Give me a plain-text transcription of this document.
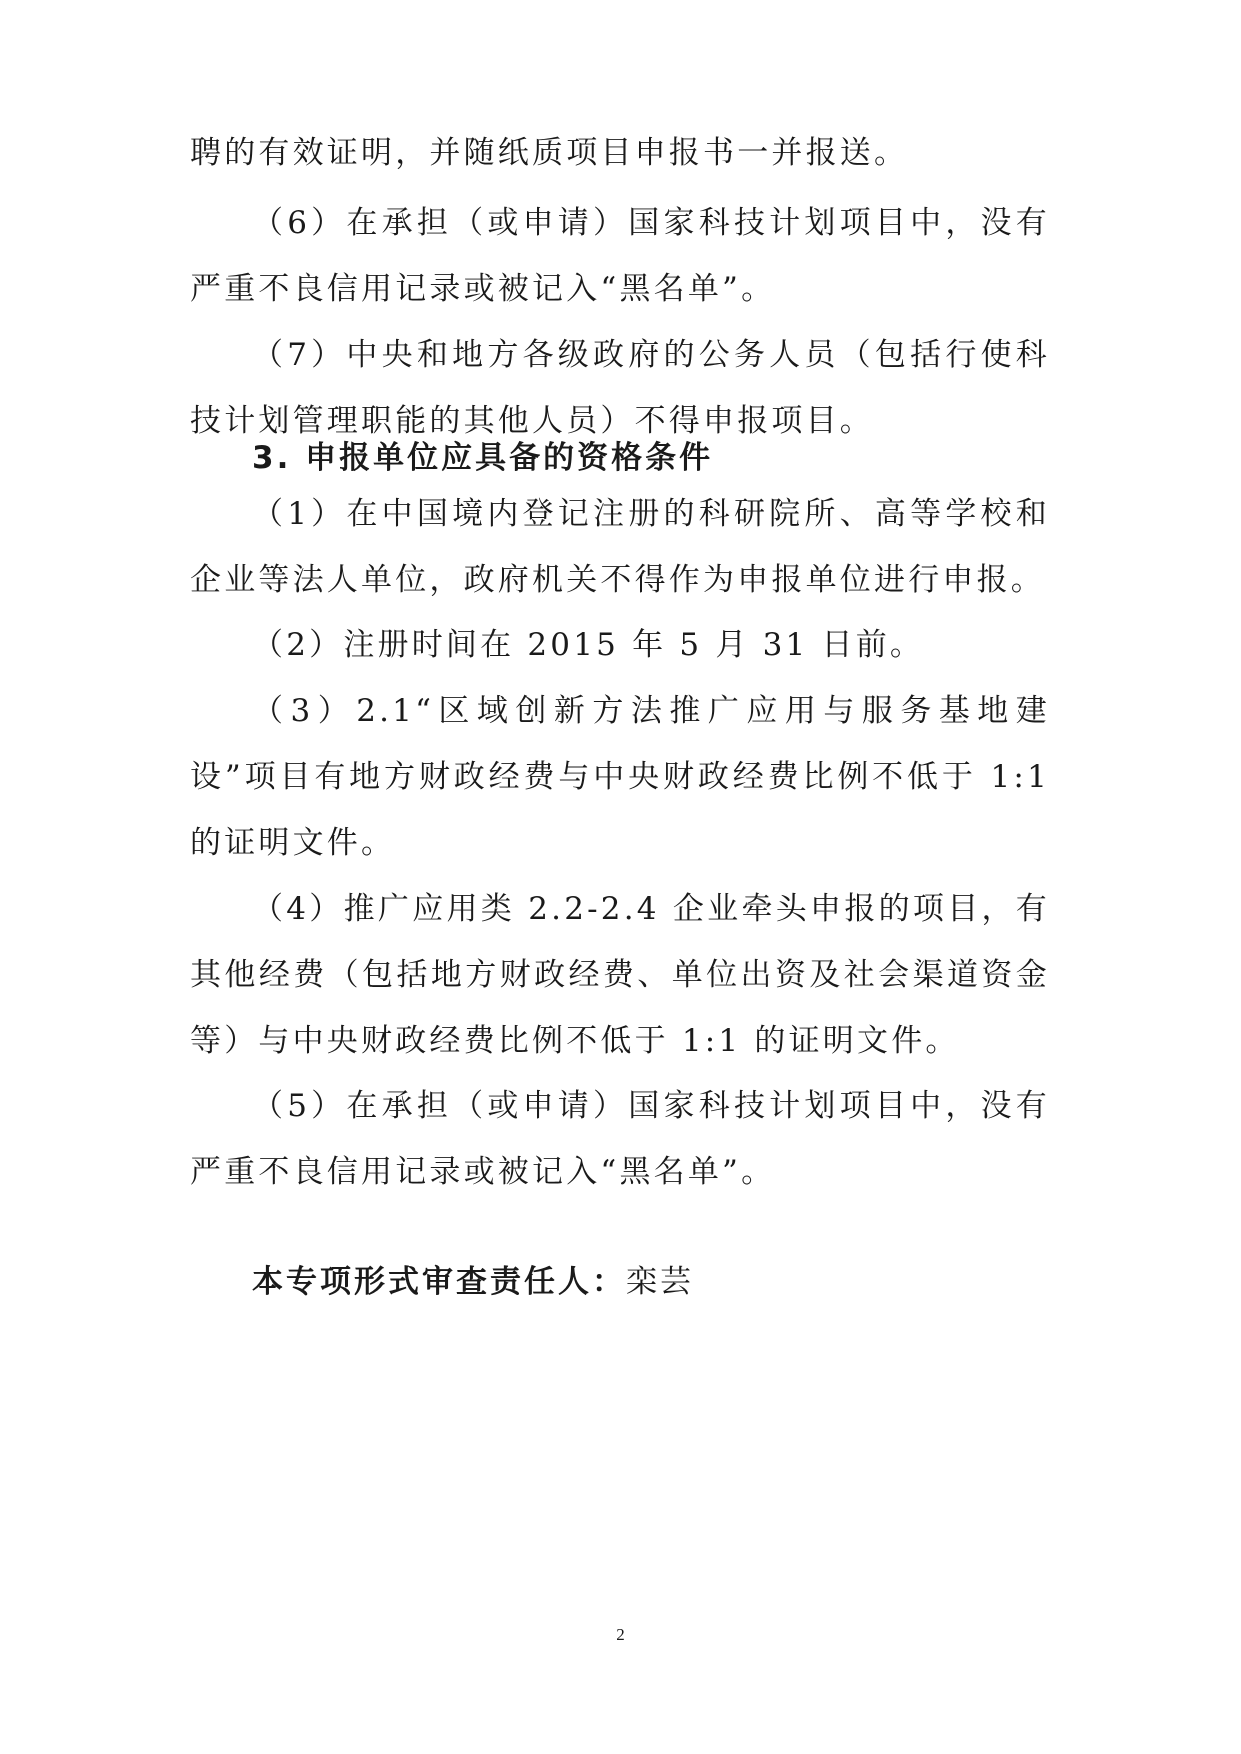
聘的有效证明，并随纸质项目申报书一并报送。

（6）在承担（或申请）国家科技计划项目中，没有严重不良信用记录或被记入“黑名单”。

（7）中央和地方各级政府的公务人员（包括行使科技计划管理职能的其他人员）不得申报项目。

3. 申报单位应具备的资格条件

（1）在中国境内登记注册的科研院所、高等学校和企业等法人单位，政府机关不得作为申报单位进行申报。

（2）注册时间在 2015 年 5 月 31 日前。

（3）2.1“区域创新方法推广应用与服务基地建设”项目有地方财政经费与中央财政经费比例不低于 1:1 的证明文件。

（4）推广应用类 2.2-2.4 企业牵头申报的项目，有其他经费（包括地方财政经费、单位出资及社会渠道资金等）与中央财政经费比例不低于 1:1 的证明文件。

（5）在承担（或申请）国家科技计划项目中，没有严重不良信用记录或被记入“黑名单”。

本专项形式审查责任人：栾芸
2
